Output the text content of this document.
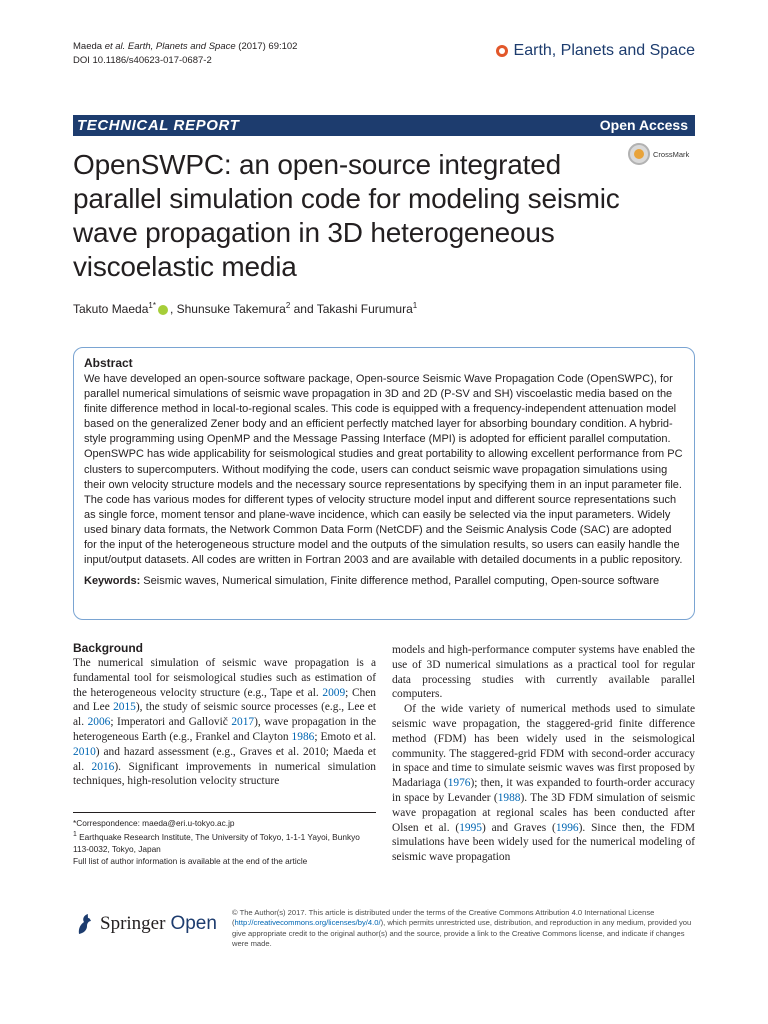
Maeda et al. Earth, Planets and Space (2017) 69:102
DOI 10.1186/s40623-017-0687-2
Earth, Planets and Space
TECHNICAL REPORT	Open Access
OpenSWPC: an open-source integrated parallel simulation code for modeling seismic wave propagation in 3D heterogeneous viscoelastic media
CrossMark
Takuto Maeda$^{1*}$ , Shunsuke Takemura$^2$ and Takashi Furumura$^1$
Abstract
We have developed an open-source software package, Open-source Seismic Wave Propagation Code (OpenSWPC), for parallel numerical simulations of seismic wave propagation in 3D and 2D (P-SV and SH) viscoelastic media based on the finite difference method in local-to-regional scales. This code is equipped with a frequency-independent attenuation model based on the generalized Zener body and an efficient perfectly matched layer for absorbing boundary condition. A hybrid-style programming using OpenMP and the Message Passing Interface (MPI) is adopted for efficient parallel computation. OpenSWPC has wide applicability for seismological studies and great portability to allowing excellent performance from PC clusters to supercomputers. Without modifying the code, users can conduct seismic wave propagation simulations using their own velocity structure models and the necessary source representations by specifying them in an input parameter file. The code has various modes for different types of velocity structure model input and different source representations such as single force, moment tensor and plane-wave incidence, which can easily be selected via the input parameters. Widely used binary data formats, the Network Common Data Form (NetCDF) and the Seismic Analysis Code (SAC) are adopted for the input of the heterogeneous structure model and the outputs of the simulation results, so users can easily handle the input/output datasets. All codes are written in Fortran 2003 and are available with detailed documents in a public repository.
Keywords: Seismic waves, Numerical simulation, Finite difference method, Parallel computing, Open-source software
Background

The numerical simulation of seismic wave propagation is a fundamental tool for seismological studies such as estimation of the heterogeneous velocity structure (e.g., Tape et al. 2009; Chen and Lee 2015), the study of seismic source processes (e.g., Lee et al. 2006; Imperatori and Gallovič 2017), wave propagation in the heterogeneous Earth (e.g., Frankel and Clayton 1986; Emoto et al. 2010) and hazard assessment (e.g., Graves et al. 2010; Maeda et al. 2016). Significant improvements in numerical simulation techniques, high-resolution velocity structure

*Correspondence: maeda@eri.u-tokyo.ac.jp
$^1$ Earthquake Research Institute, The University of Tokyo, 1-1-1 Yayoi, Bunkyo 113-0032, Tokyo, Japan
Full list of author information is available at the end of the article

models and high-performance computer systems have enabled the use of 3D numerical simulations as a practical tool for regular data processing studies with currently available parallel computers.

Of the wide variety of numerical methods used to simulate seismic wave propagation, the staggered-grid finite difference method (FDM) has been widely used in the seismological community. The staggered-grid FDM with second-order accuracy in space and time to simulate seismic waves was first proposed by Madariaga (1976); then, it was expanded to fourth-order accuracy in space by Levander (1988). The 3D FDM simulation of seismic wave propagation at regional scales has been conducted after Olsen et al. (1995) and Graves (1996). Since then, the FDM simulations have been widely used for the numerical modeling of seismic wave propagation

Springer Open
© The Author(s) 2017. This article is distributed under the terms of the Creative Commons Attribution 4.0 International License (http://creativecommons.org/licenses/by/4.0/), which permits unrestricted use, distribution, and reproduction in any medium, provided you give appropriate credit to the original author(s) and the source, provide a link to the Creative Commons license, and indicate if changes were made.
